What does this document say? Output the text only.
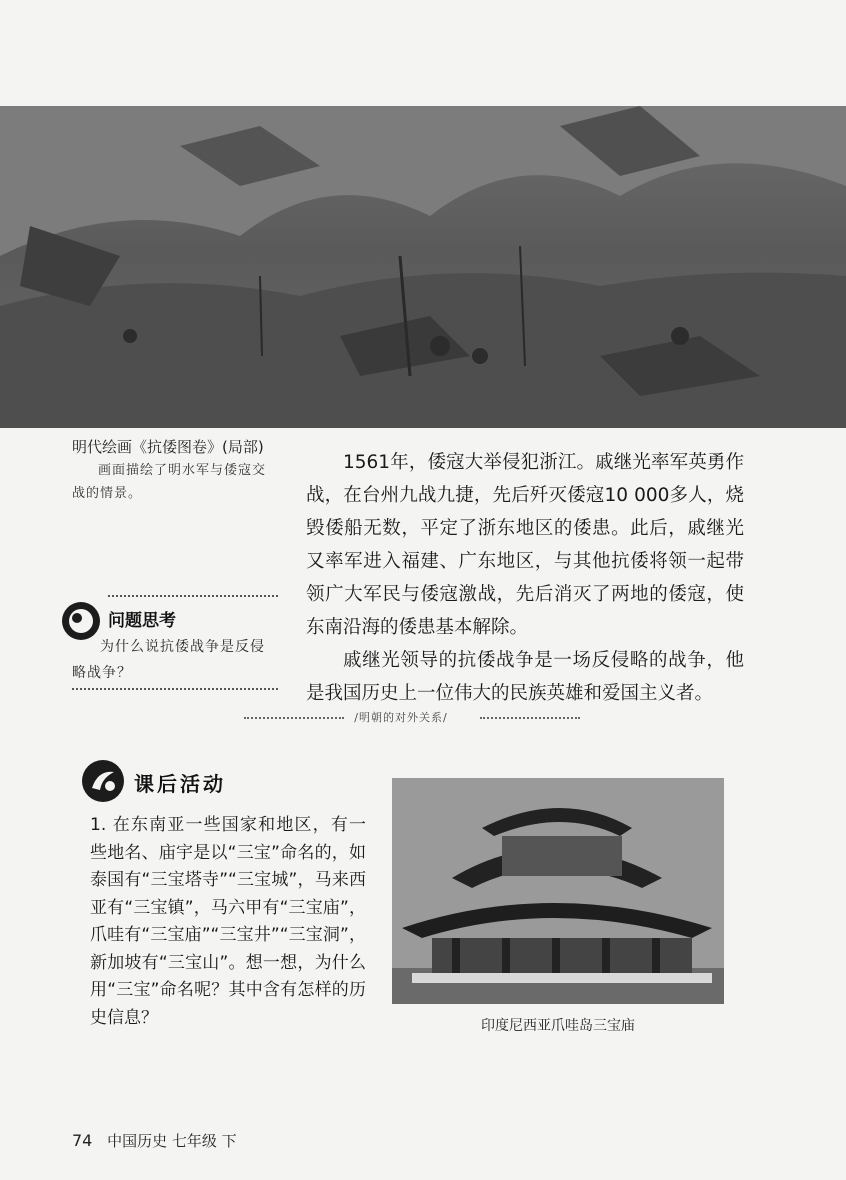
明代绘画《抗倭图卷》(局部)
画面描绘了明水军与倭寇交战的情景。

1561年，倭寇大举侵犯浙江。戚继光率军英勇作战，在台州九战九捷，先后歼灭倭寇10 000多人，烧毁倭船无数，平定了浙东地区的倭患。此后，戚继光又率军进入福建、广东地区，与其他抗倭将领一起带领广大军民与倭寇激战，先后消灭了两地的倭寇，使东南沿海的倭患基本解除。

戚继光领导的抗倭战争是一场反侵略的战争，他是我国历史上一位伟大的民族英雄和爱国主义者。

问题思考
为什么说抗倭战争是反侵略战争？
/明朝的对外关系/
课后活动
1. 在东南亚一些国家和地区，有一些地名、庙宇是以“三宝”命名的，如泰国有“三宝塔寺”“三宝城”，马来西亚有“三宝镇”，马六甲有“三宝庙”，爪哇有“三宝庙”“三宝井”“三宝洞”，新加坡有“三宝山”。想一想，为什么用“三宝”命名呢？其中含有怎样的历史信息？	印度尼西亚爪哇岛三宝庙
74 中国历史 七年级 下
